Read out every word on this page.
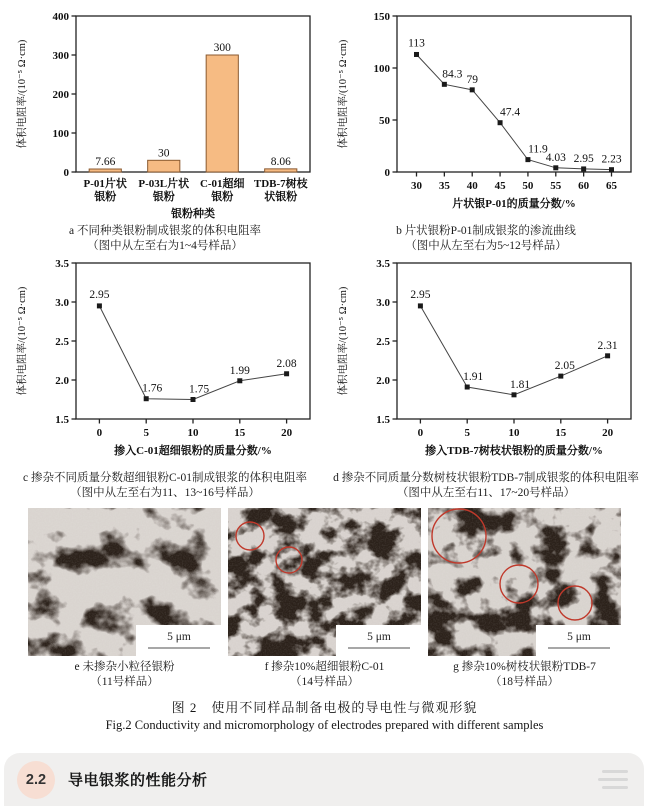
0
100
200
300
400
体积电阻率/(10⁻⁵ Ω·cm)
7.66
P-01片状
银粉
30
P-03L片状
银粉
300
C-01超细
银粉
8.06
TDB-7树枝
状银粉
银粉种类
a 不同种类银粉制成银浆的体积电阻率
（图中从左至右为1~4号样品）
0
50
100
150
体积电阻率/(10⁻⁵ Ω·cm)
30 35 40 45 50 55 60 65
113
84.3 79
47.4
11.9
4.03 2.95 2.23
片状银P-01的质量分数/%
b 片状银粉P-01制成银浆的渗流曲线
（图中从左至右为5~12号样品）
1.5
2.0
2.5
3.0
3.5
体积电阻率/(10⁻⁵ Ω·cm)
0	5	10	15	20
2.95
1.76 1.75
1.99
2.08
掺入C-01超细银粉的质量分数/%
c 掺杂不同质量分数超细银粉C-01制成银浆的体积电阻率
（图中从左至右为11、13~16号样品）
1.5
2.0
2.5
3.0
3.5
体积电阻率/(10⁻⁵ Ω·cm)
0	5	10	15	20
2.95
1.91
1.81
2.05
2.31
掺入TDB-7树枝状银粉的质量分数/%
d 掺杂不同质量分数树枝状银粉TDB-7制成银浆的体积电阻率
（图中从左至右11、17~20号样品）
5 μm
e 未掺杂小粒径银粉
（11号样品）
5 μm
f 掺杂10%超细银粉C-01
（14号样品）
5 μm
g 掺杂10%树枝状银粉TDB-7
（18号样品）
图 2　使用不同样品制备电极的导电性与微观形貌
Fig.2 Conductivity and micromorphology of electrodes prepared with different samples
2.2	导电银浆的性能分析
